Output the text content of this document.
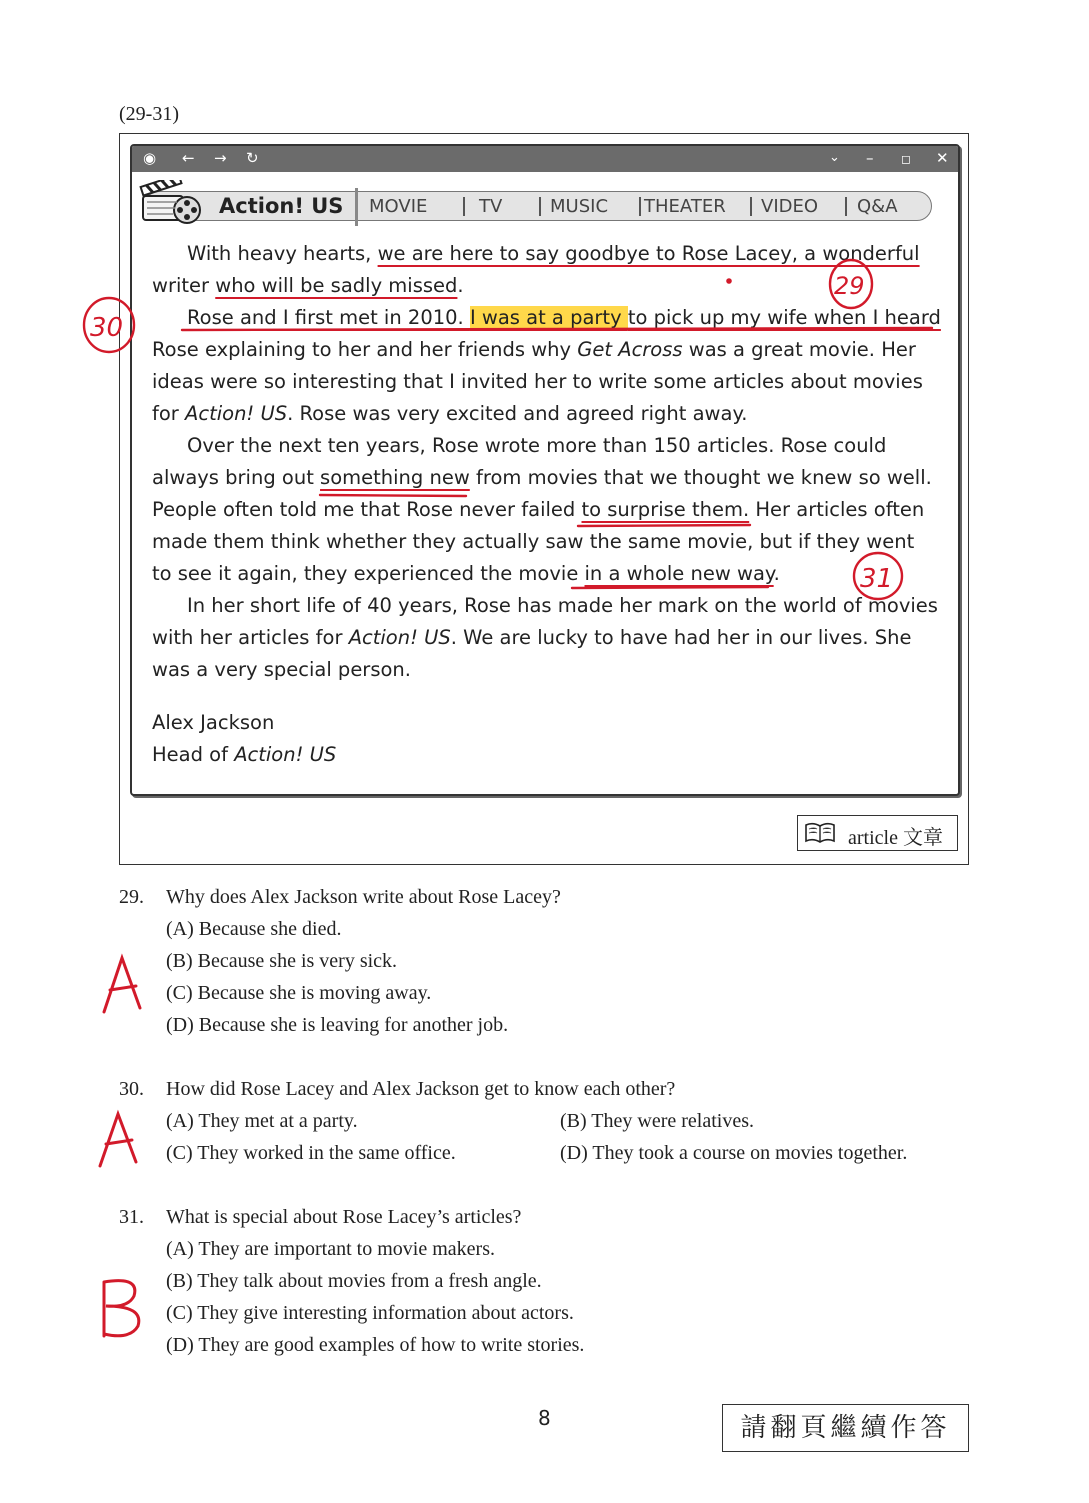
(29-31)
◉ ← → ↻	⌄ – ◻ ✕
Action! US MOVIE	TV	MUSIC THEATER VIDEO Q&A
With heavy hearts, we are here to say goodbye to Rose Lacey, a wonderful
writer who will be sadly missed.
Rose and I first met in 2010. I was at a party to pick up my wife when I heard
Rose explaining to her and her friends why Get Across was a great movie. Her
ideas were so interesting that I invited her to write some articles about movies
for Action! US. Rose was very excited and agreed right away.
Over the next ten years, Rose wrote more than 150 articles. Rose could
always bring out something new from movies that we thought we knew so well.
People often told me that Rose never failed to surprise them. Her articles often
made them think whether they actually saw the same movie, but if they went
to see it again, they experienced the movie in a whole new way.
In her short life of 40 years, Rose has made her mark on the world of movies
with her articles for Action! US. We are lucky to have had her in our lives. She
was a very special person.
Alex Jackson
Head of Action! US
article 文章
29. Why does Alex Jackson write about Rose Lacey?
(A) Because she died.
(B) Because she is very sick.
(C) Because she is moving away.
(D) Because she is leaving for another job.
30. How did Rose Lacey and Alex Jackson get to know each other?
(A) They met at a party.	(B) They were relatives.
(C) They worked in the same office.	(D) They took a course on movies together.
31. What is special about Rose Lacey’s articles?
(A) They are important to movie makers.
(B) They talk about movies from a fresh angle.
(C) They give interesting information about actors.
(D) They are good examples of how to write stories.
8	請翻頁繼續作答
29
30
31
